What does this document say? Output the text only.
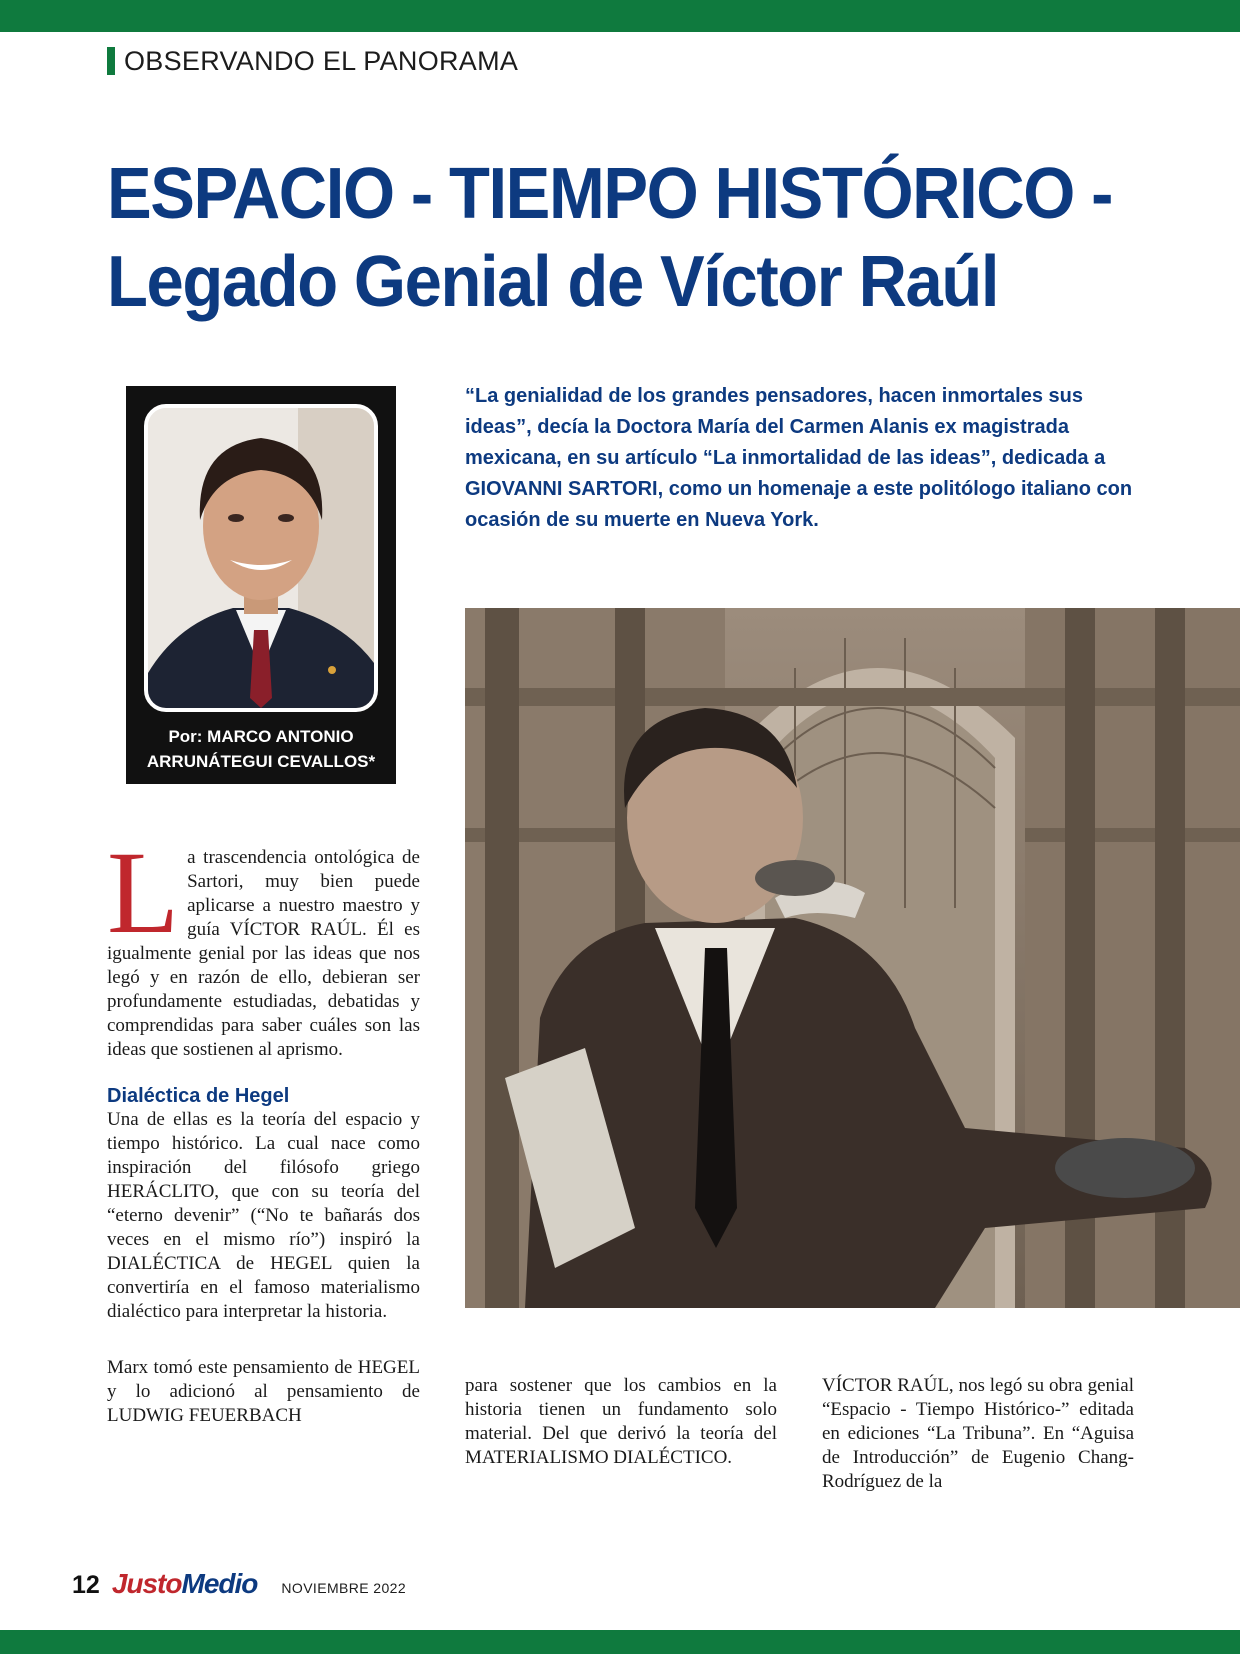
OBSERVANDO EL PANORAMA
ESPACIO - TIEMPO HISTÓRICO -
Legado Genial de Víctor Raúl
Por: MARCO ANTONIO
ARRUNÁTEGUI CEVALLOS*

“La genialidad de los grandes pensadores, hacen inmortales sus ideas”, decía la Doctora María del Carmen Alanis ex magistrada mexicana, en su artículo “La inmortalidad de las ideas”, dedicada a GIOVANNI SARTORI, como un homenaje a este politólogo italiano con ocasión de su muerte en Nueva York.

L a trascendencia ontológica de Sartori, muy bien puede aplicarse a nuestro maestro y guía VÍCTOR RAÚL. Él es igualmente genial por las ideas que nos legó y en razón de ello, debieran ser profundamente estudiadas, debatidas y comprendidas para saber cuáles son las ideas que sostienen al aprismo.

Dialéctica de Hegel

Una de ellas es la teoría del espacio y tiempo histórico. La cual nace como inspiración del filósofo griego HERÁCLITO, que con su teoría del “eterno devenir” (“No te bañarás dos veces en el mismo río”) inspiró la DIALÉCTICA de HEGEL quien la convertiría en el famoso materialismo dialéctico para interpretar la historia.

Marx tomó este pensamiento de HEGEL y lo adicionó al pensamiento de LUDWIG FEUERBACH

para sostener que los cambios en la historia tienen un fundamento solo material. Del que derivó la teoría del MATERIALISMO DIALÉCTICO.

VÍCTOR RAÚL, nos legó su obra genial “Espacio - Tiempo Histórico-” editada en ediciones “La Tribuna”. En “Aguisa de Introducción” de Eugenio Chang-Rodríguez de la

12 JustoMedio NOVIEMBRE 2022
